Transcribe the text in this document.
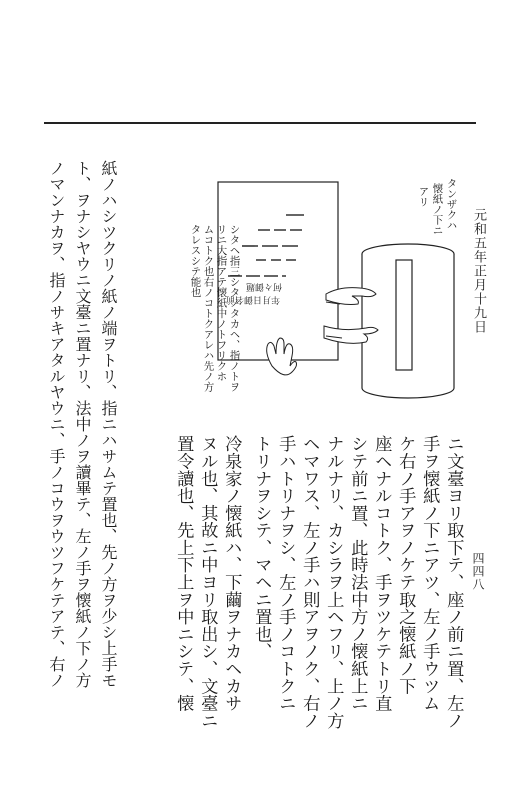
四四八
元和五年正月十九日
年月日御名前
何々御題
タンザクハ
懐紙ノ下ニ
アリ
シタヘ指三シタノタカヘ、指ノトヲ
リニ大指アテ懐紙中ノトフリクホ
ムコトク也右ノコトクアレハ先ノ方
タレスシテ能也
ニ文臺ヨリ取下テ、座ノ前ニ置、左ノ
手ヲ懐紙ノ下ニアツ、左ノ手ウツム
ケ右ノ手アヲノケテ取之懐紙ノ下
座ヘナルコトク、手ヲツケテトリ直
シテ前ニ置、此時法中方ノ懐紙上ニ
ナルナリ、カシラヲ上ヘフリ、上ノ方
ヘマワス、左ノ手ハ則アヲノク、右ノ
手ハトリナヲシ、左ノ手ノコトクニ
トリナヲシテ、マヘニ置也、
冷泉家ノ懐紙ハ、下繭ヲナカヘカサ
ヌル也、其故ニ中ヨリ取出シ、文臺ニ
置令讀也、先上下上ヲ中ニシテ、懐
紙ノハシツクリノ紙ノ端ヲトリ、指ニハサムテ置也、先ノ方ヲ少シ上手モ
ト、ヲナシヤウニ文臺ニ置ナリ、法中ノヲ讀畢テ、左ノ手ヲ懐紙ノ下ノ方
ノマンナカヲ、指ノサキアタルヤウニ、手ノコウヲウツフケテアテ、右ノ
